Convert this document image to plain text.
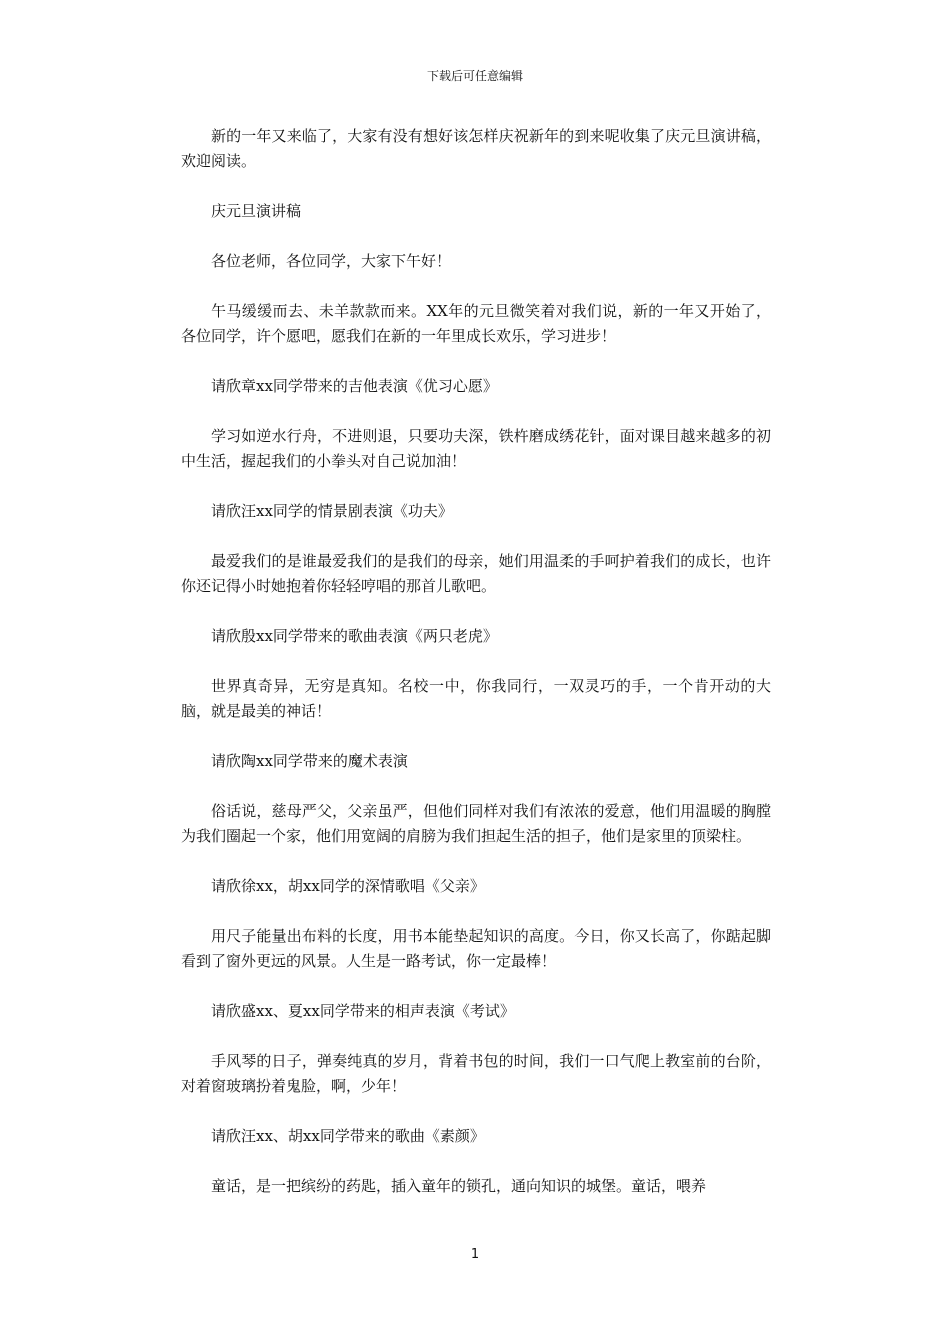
下载后可任意编辑

新的一年又来临了，大家有没有想好该怎样庆祝新年的到来呢收集了庆元旦演讲稿，欢迎阅读。

庆元旦演讲稿

各位老师，各位同学，大家下午好！

午马缓缓而去、未羊款款而来。XX年的元旦微笑着对我们说，新的一年又开始了，各位同学，许个愿吧，愿我们在新的一年里成长欢乐，学习进步！

请欣章xx同学带来的吉他表演《优习心愿》

学习如逆水行舟，不进则退，只要功夫深，铁杵磨成绣花针，面对课目越来越多的初中生活，握起我们的小拳头对自己说加油！

请欣汪xx同学的情景剧表演《功夫》

最爱我们的是谁最爱我们的是我们的母亲，她们用温柔的手呵护着我们的成长，也许你还记得小时她抱着你轻轻哼唱的那首儿歌吧。

请欣殷xx同学带来的歌曲表演《两只老虎》

世界真奇异，无穷是真知。名校一中，你我同行，一双灵巧的手，一个肯开动的大脑，就是最美的神话！

请欣陶xx同学带来的魔术表演

俗话说，慈母严父，父亲虽严，但他们同样对我们有浓浓的爱意，他们用温暖的胸膛为我们圈起一个家，他们用宽阔的肩膀为我们担起生活的担子，他们是家里的顶梁柱。

请欣徐xx，胡xx同学的深情歌唱《父亲》

用尺子能量出布料的长度，用书本能垫起知识的高度。今日，你又长高了，你踮起脚看到了窗外更远的风景。人生是一路考试，你一定最棒！

请欣盛xx、夏xx同学带来的相声表演《考试》

手风琴的日子，弹奏纯真的岁月，背着书包的时间，我们一口气爬上教室前的台阶，对着窗玻璃扮着鬼脸，啊，少年！

请欣汪xx、胡xx同学带来的歌曲《素颜》

童话，是一把缤纷的药匙，插入童年的锁孔，通向知识的城堡。童话，喂养

1
